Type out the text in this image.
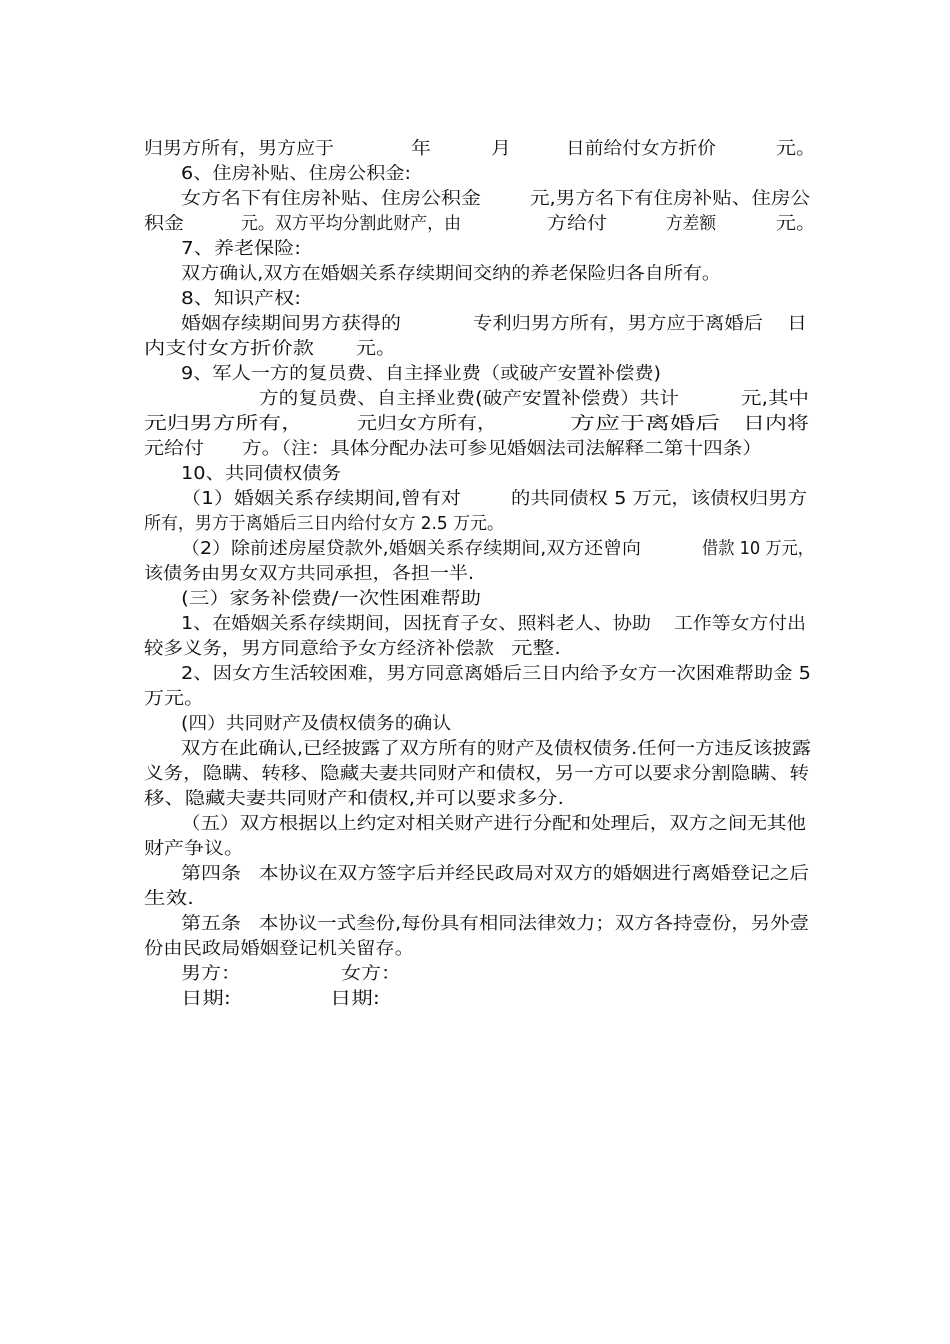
归男方所有，男方应于	年	月	日前给付女方折价	元。
6、住房补贴、住房公积金:
女方名下有住房补贴、住房公积金	元,男方名下有住房补贴、住房公
积金	元。双方平均分割此财产，由	方给付	方差额	元。
7、养老保险:
双方确认,双方在婚姻关系存续期间交纳的养老保险归各自所有。
8、知识产权:
婚姻存续期间男方获得的	专利归男方所有，男方应于离婚后 日
内支付女方折价款 元。
9、军人一方的复员费、自主择业费（或破产安置补偿费)
方的复员费、自主择业费(破产安置补偿费）共计	元,其中
元归男方所有，	元归女方所有，	方应于离婚后 日内将
元给付 方。（注：具体分配办法可参见婚姻法司法解释二第十四条）
10、共同债权债务
（1）婚姻关系存续期间,曾有对	的共同债权 5 万元，该债权归男方
所有，男方于离婚后三日内给付女方 2.5 万元。
（2）除前述房屋贷款外,婚姻关系存续期间,双方还曾向	借款 10 万元，
该债务由男女双方共同承担，各担一半.
(三）家务补偿费/一次性困难帮助
1、在婚姻关系存续期间，因抚育子女、照料老人、协助 工作等女方付出
较多义务，男方同意给予女方经济补偿款 元整.
2、因女方生活较困难，男方同意离婚后三日内给予女方一次困难帮助金 5
万元。
(四）共同财产及债权债务的确认
双方在此确认,已经披露了双方所有的财产及债权债务.任何一方违反该披露
义务，隐瞒、转移、隐藏夫妻共同财产和债权，另一方可以要求分割隐瞒、转
移、隐藏夫妻共同财产和债权,并可以要求多分.
（五）双方根据以上约定对相关财产进行分配和处理后，双方之间无其他
财产争议。
第四条 本协议在双方签字后并经民政局对双方的婚姻进行离婚登记之后
生效.
第五条 本协议一式叁份,每份具有相同法律效力；双方各持壹份，另外壹
份由民政局婚姻登记机关留存。
男方：	女方：
日期:	日期:
